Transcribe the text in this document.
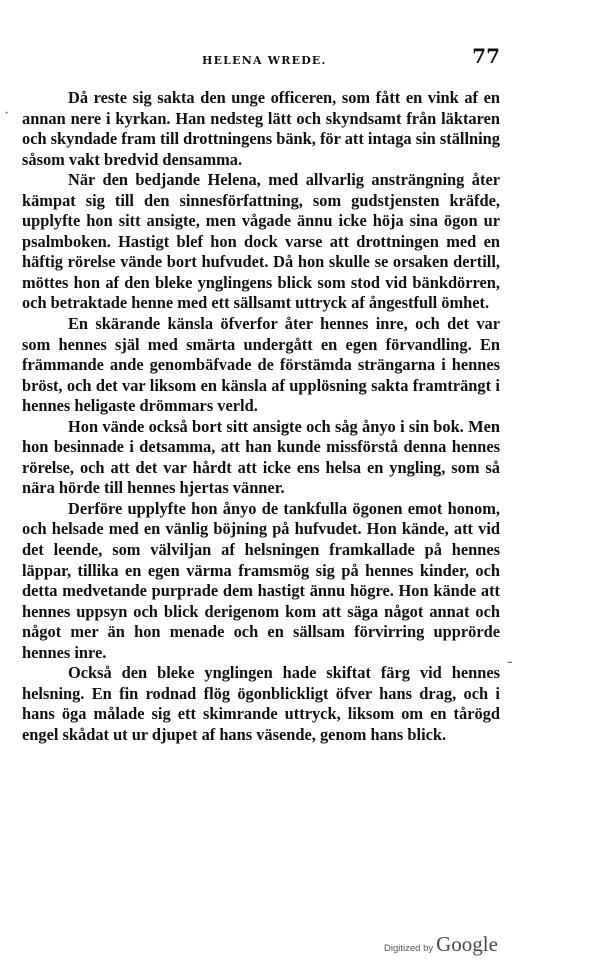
HELENA WREDE.	77
·
-

Då reste sig sakta den unge officeren, som fått en vink af en annan nere i kyrkan. Han nedsteg lätt och skyndsamt från läktaren och skyndade fram till drottningens bänk, för att intaga sin ställning såsom vakt bredvid densamma.

När den bedjande Helena, med allvarlig ansträngning åter kämpat sig till den sinnesförfattning, som gudstjensten kräfde, upplyfte hon sitt ansigte, men vågade ännu icke höja sina ögon ur psalmboken. Hastigt blef hon dock varse att drottningen med en häftig rörelse vände bort hufvudet. Då hon skulle se orsaken dertill, möttes hon af den bleke ynglingens blick som stod vid bänkdörren, och betraktade henne med ett sällsamt uttryck af ångestfull ömhet.

En skärande känsla öfverfor åter hennes inre, och det var som hennes själ med smärta undergått en egen förvandling. En främmande ande genombäfvade de förstämda strängarna i hennes bröst, och det var liksom en känsla af upplösning sakta framträngt i hennes heligaste drömmars verld.

Hon vände också bort sitt ansigte och såg ånyo i sin bok. Men hon besinnade i detsamma, att han kunde missförstå denna hennes rörelse, och att det var hårdt att icke ens helsa en yngling, som så nära hörde till hennes hjertas vänner.

Derföre upplyfte hon ånyo de tankfulla ögonen emot honom, och helsade med en vänlig böjning på hufvudet. Hon kände, att vid det leende, som välviljan af helsningen framkallade på hennes läppar, tillika en egen värma framsmög sig på hennes kinder, och detta medvetande purprade dem hastigt ännu högre. Hon kände att hennes uppsyn och blick derigenom kom att säga något annat och något mer än hon menade och en sällsam förvirring upprörde hennes inre.

Också den bleke ynglingen hade skiftat färg vid hennes helsning. En fin rodnad flög ögonblickligt öfver hans drag, och i hans öga målade sig ett skimrande uttryck, liksom om en tårögd engel skådat ut ur djupet af hans väsende, genom hans blick.

Digitized by Google
